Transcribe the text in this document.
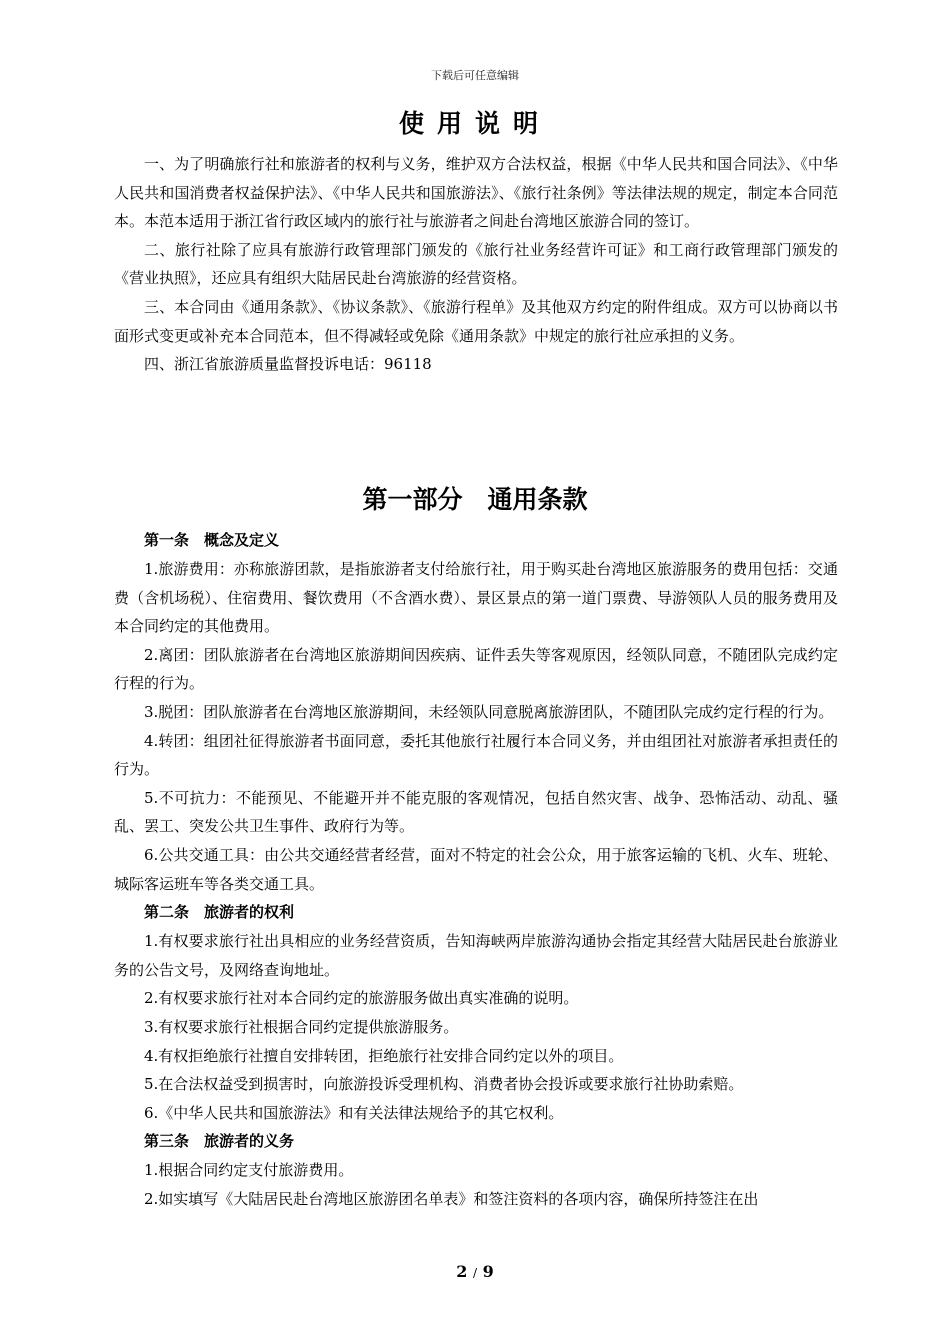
下载后可任意编辑
使用说明

一、为了明确旅行社和旅游者的权利与义务，维护双方合法权益，根据《中华人民共和国合同法》、《中华人民共和国消费者权益保护法》、《中华人民共和国旅游法》、《旅行社条例》等法律法规的规定，制定本合同范本。本范本适用于浙江省行政区域内的旅行社与旅游者之间赴台湾地区旅游合同的签订。

二、旅行社除了应具有旅游行政管理部门颁发的《旅行社业务经营许可证》和工商行政管理部门颁发的《营业执照》，还应具有组织大陆居民赴台湾旅游的经营资格。

三、本合同由《通用条款》、《协议条款》、《旅游行程单》及其他双方约定的附件组成。双方可以协商以书面形式变更或补充本合同范本，但不得减轻或免除《通用条款》中规定的旅行社应承担的义务。

四、浙江省旅游质量监督投诉电话：96118

第一部分　通用条款

第一条　概念及定义

1.旅游费用：亦称旅游团款，是指旅游者支付给旅行社，用于购买赴台湾地区旅游服务的费用包括：交通费（含机场税）、住宿费用、餐饮费用（不含酒水费）、景区景点的第一道门票费、导游领队人员的服务费用及本合同约定的其他费用。

2.离团：团队旅游者在台湾地区旅游期间因疾病、证件丢失等客观原因，经领队同意，不随团队完成约定行程的行为。

3.脱团：团队旅游者在台湾地区旅游期间，未经领队同意脱离旅游团队，不随团队完成约定行程的行为。

4.转团：组团社征得旅游者书面同意，委托其他旅行社履行本合同义务，并由组团社对旅游者承担责任的行为。

5.不可抗力：不能预见、不能避开并不能克服的客观情况，包括自然灾害、战争、恐怖活动、动乱、骚乱、罢工、突发公共卫生事件、政府行为等。

6.公共交通工具：由公共交通经营者经营，面对不特定的社会公众，用于旅客运输的飞机、火车、班轮、城际客运班车等各类交通工具。

第二条　旅游者的权利

1.有权要求旅行社出具相应的业务经营资质，告知海峡两岸旅游沟通协会指定其经营大陆居民赴台旅游业务的公告文号，及网络查询地址。

2.有权要求旅行社对本合同约定的旅游服务做出真实准确的说明。

3.有权要求旅行社根据合同约定提供旅游服务。

4.有权拒绝旅行社擅自安排转团，拒绝旅行社安排合同约定以外的项目。

5.在合法权益受到损害时，向旅游投诉受理机构、消费者协会投诉或要求旅行社协助索赔。

6.《中华人民共和国旅游法》和有关法律法规给予的其它权利。

第三条　旅游者的义务

1.根据合同约定支付旅游费用。

2.如实填写《大陆居民赴台湾地区旅游团名单表》和签注资料的各项内容，确保所持签注在出

2 / 9
